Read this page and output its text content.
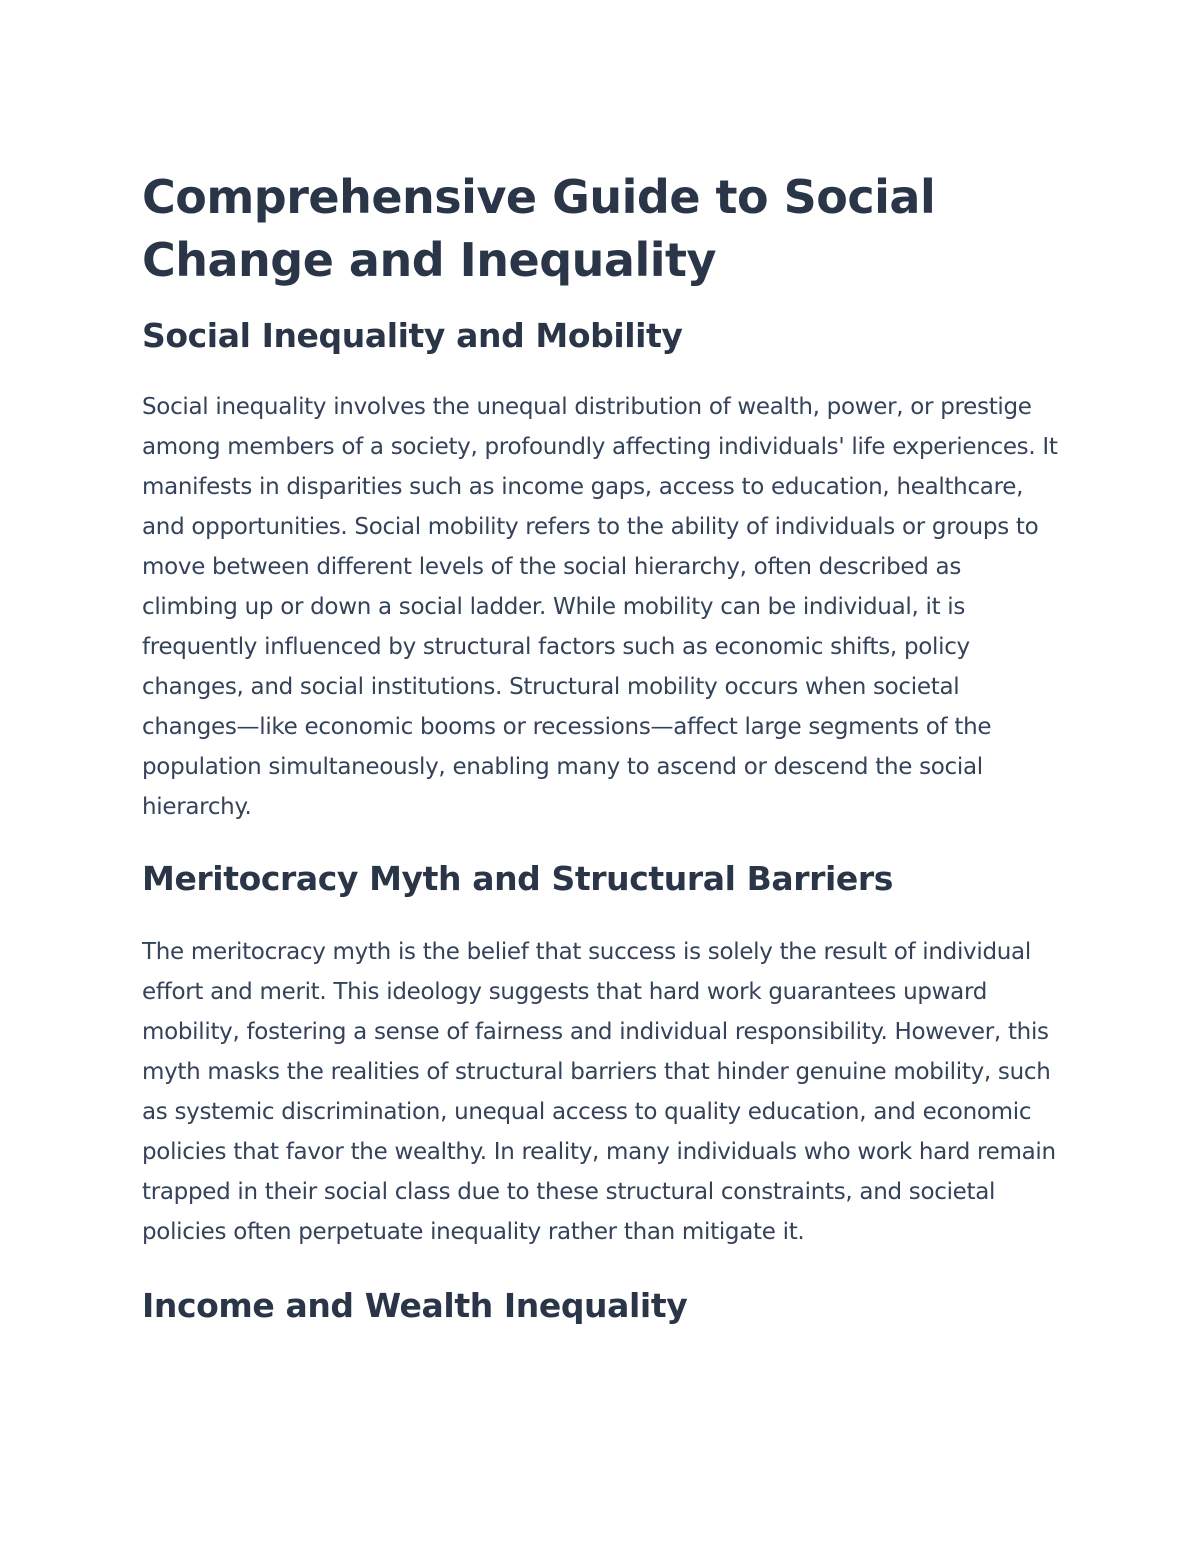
Comprehensive Guide to Social Change and Inequality
Social Inequality and Mobility

Social inequality involves the unequal distribution of wealth, power, or prestige among members of a society, profoundly affecting individuals' life experiences. It manifests in disparities such as income gaps, access to education, healthcare, and opportunities. Social mobility refers to the ability of individuals or groups to move between different levels of the social hierarchy, often described as climbing up or down a social ladder. While mobility can be individual, it is frequently influenced by structural factors such as economic shifts, policy changes, and social institutions. Structural mobility occurs when societal changes—like economic booms or recessions—affect large segments of the population simultaneously, enabling many to ascend or descend the social hierarchy.

Meritocracy Myth and Structural Barriers

The meritocracy myth is the belief that success is solely the result of individual effort and merit. This ideology suggests that hard work guarantees upward mobility, fostering a sense of fairness and individual responsibility. However, this myth masks the realities of structural barriers that hinder genuine mobility, such as systemic discrimination, unequal access to quality education, and economic policies that favor the wealthy. In reality, many individuals who work hard remain trapped in their social class due to these structural constraints, and societal policies often perpetuate inequality rather than mitigate it.

Income and Wealth Inequality
